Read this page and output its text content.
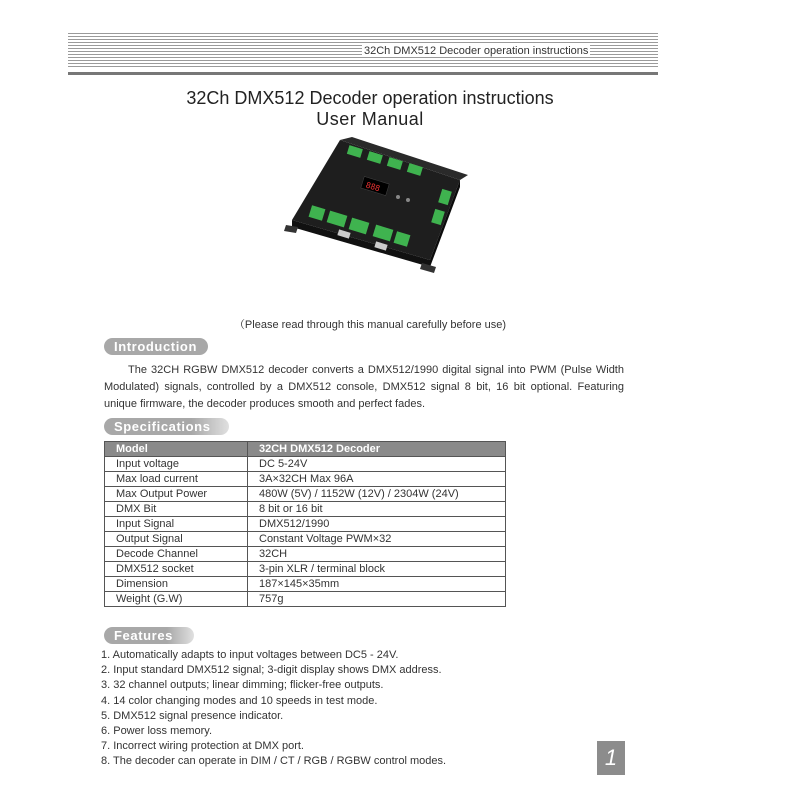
32Ch DMX512 Decoder operation instructions
32Ch DMX512 Decoder operation instructions
User Manual
888
（Please read through this manual carefully before use)
Introduction
The 32CH RGBW DMX512 decoder converts a DMX512/1990 digital signal into PWM (Pulse Width Modulated) signals, controlled by a DMX512 console, DMX512 signal 8 bit, 16 bit optional. Featuring unique firmware, the decoder produces smooth and perfect fades.
Specifications
Model	32CH DMX512 Decoder
Input voltage	DC 5-24V
Max load current	3A×32CH Max 96A
Max Output Power	480W (5V) / 1152W (12V) / 2304W (24V)
DMX Bit	8 bit or 16 bit
Input Signal	DMX512/1990
Output Signal	Constant Voltage PWM×32
Decode Channel	32CH
DMX512 socket	3-pin XLR / terminal block
Dimension	187×145×35mm
Weight (G.W)	757g
Features
1. Automatically adapts to input voltages between DC5 - 24V.
2. Input standard DMX512 signal; 3-digit display shows DMX address.
3. 32 channel outputs; linear dimming; flicker-free outputs.
4. 14 color changing modes and 10 speeds in test mode.
5. DMX512 signal presence indicator.
6. Power loss memory.
7. Incorrect wiring protection at DMX port.
8. The decoder can operate in DIM / CT / RGB / RGBW control modes.	1
